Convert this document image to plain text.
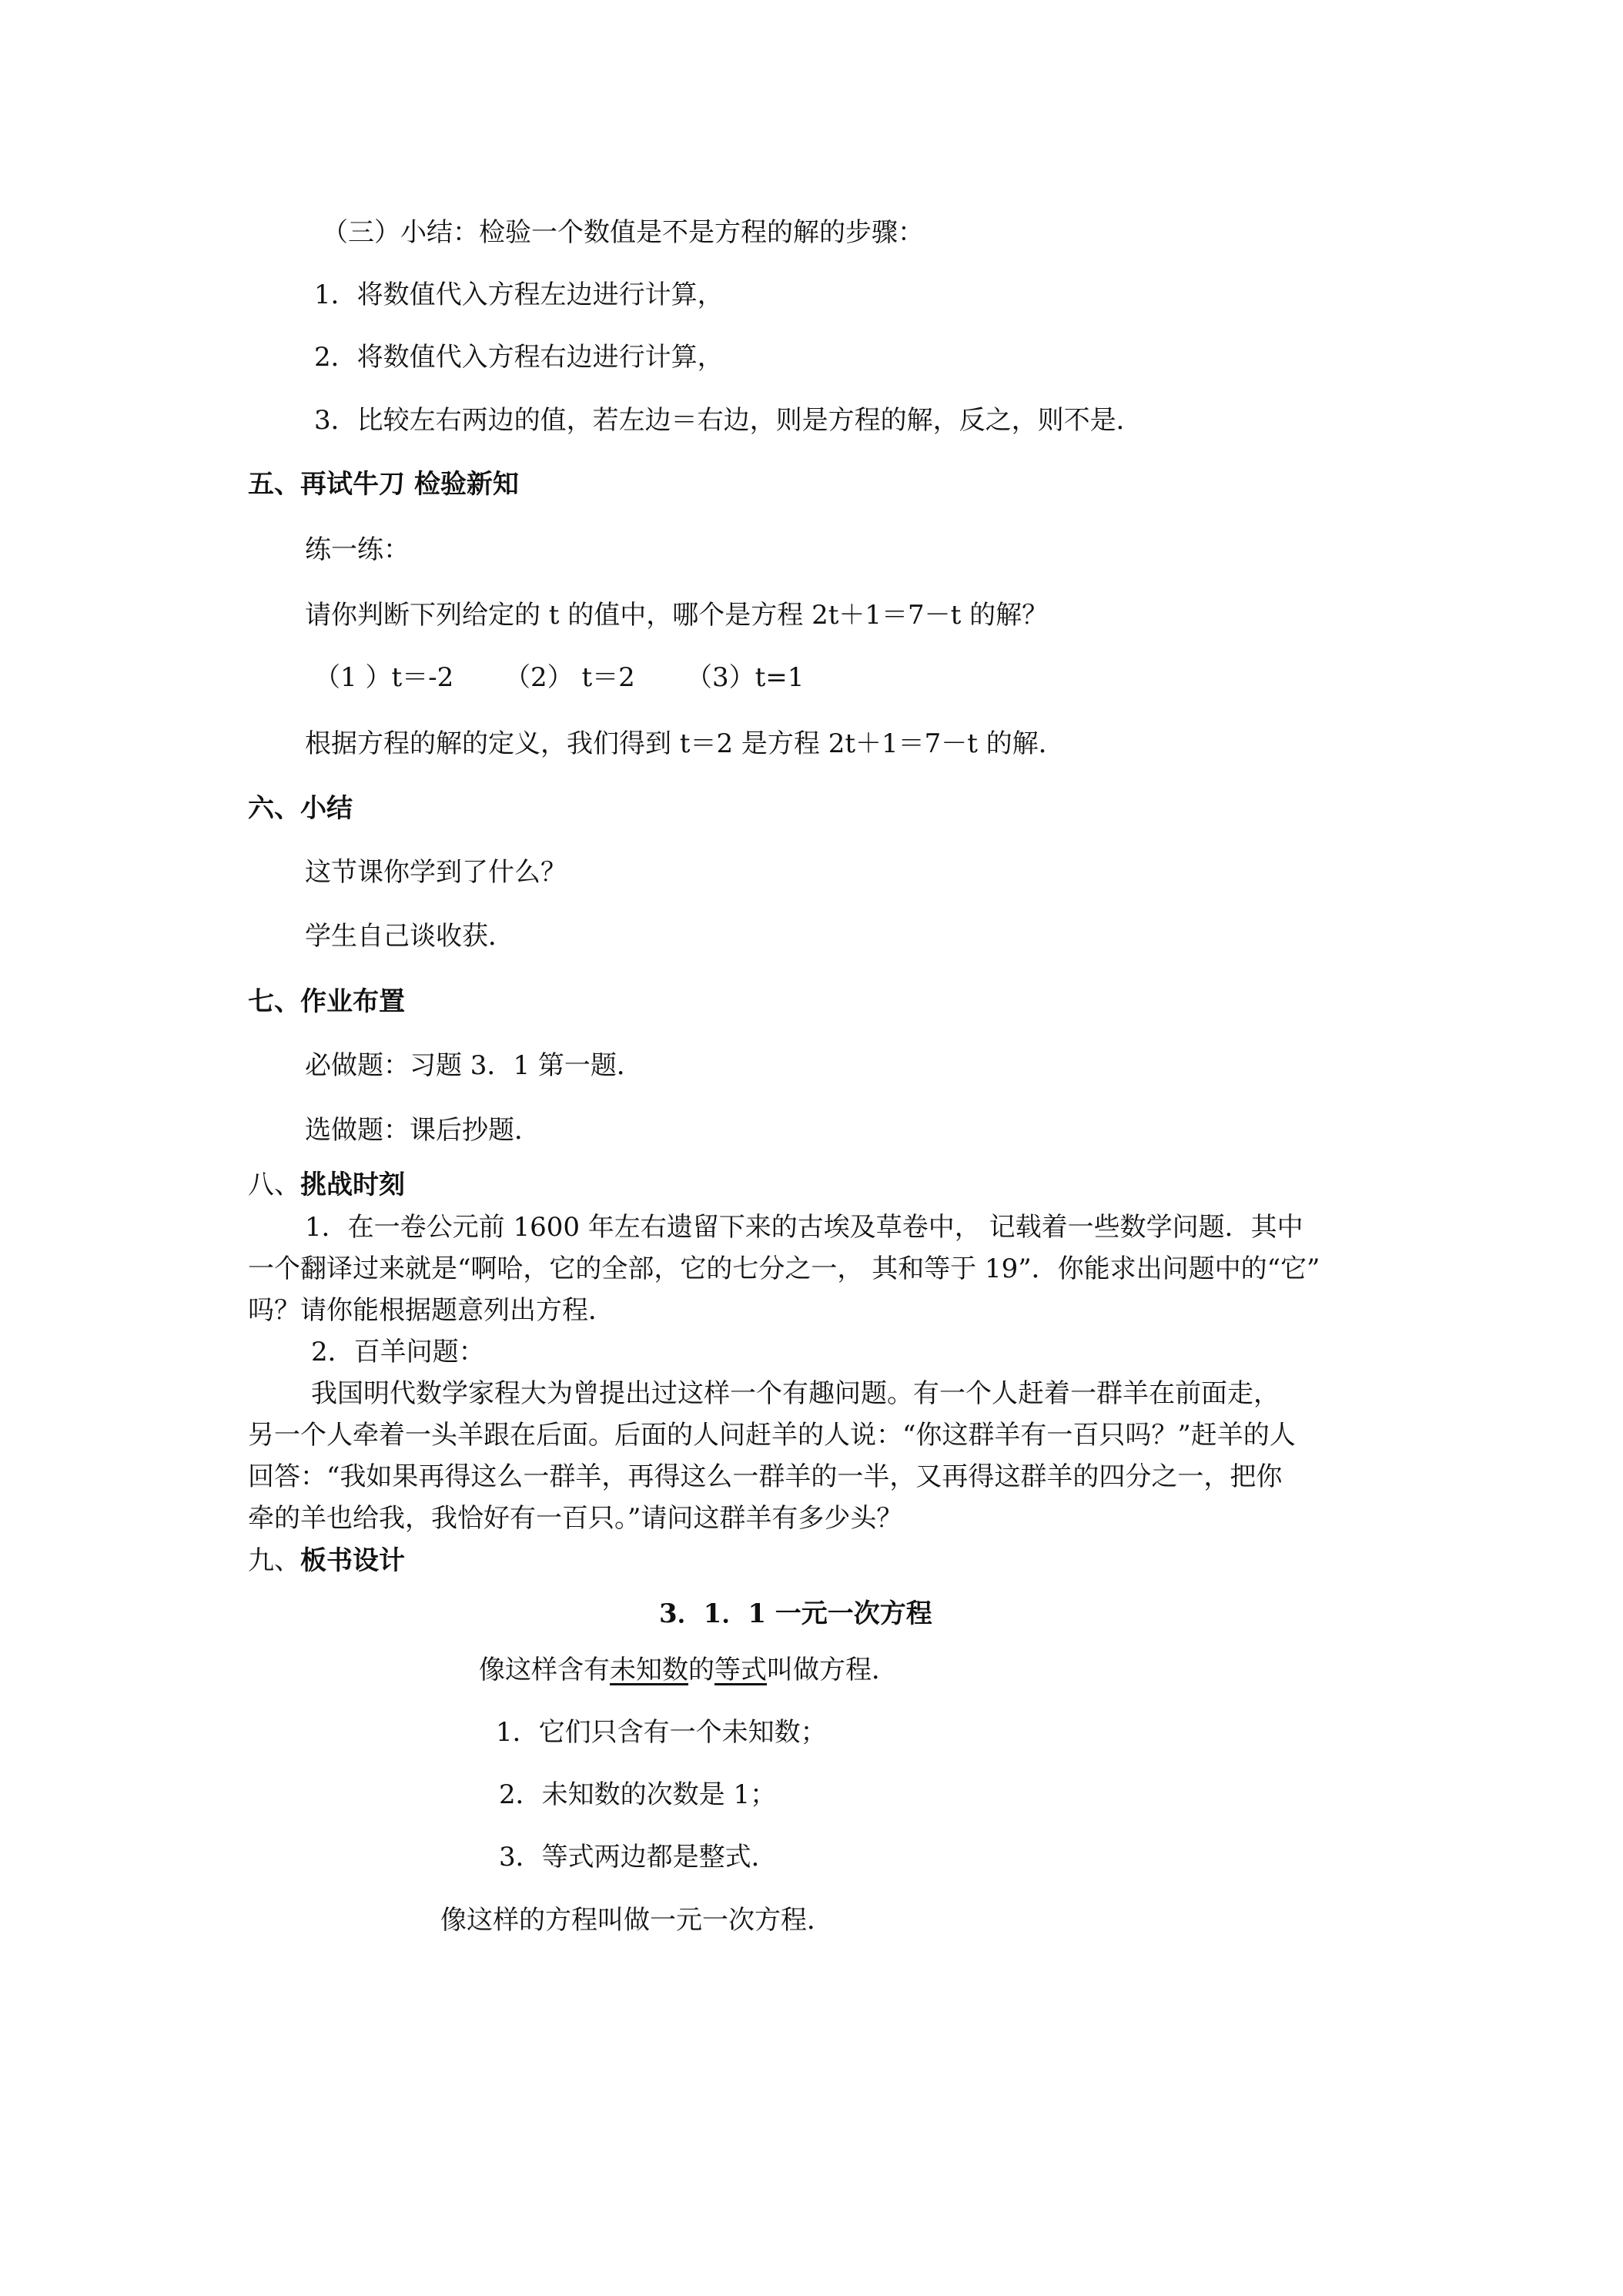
（三）小结：检验一个数值是不是方程的解的步骤：
1．将数值代入方程左边进行计算，
2．将数值代入方程右边进行计算，
3．比较左右两边的值，若左边＝右边，则是方程的解，反之，则不是．
五、再试牛刀 检验新知
练一练：
请你判断下列给定的 t 的值中，哪个是方程 2t＋1＝7－t 的解？
（1 ）t＝-2 （2） t＝2 （3）t=1
根据方程的解的定义，我们得到 t＝2 是方程 2t＋1＝7－t 的解．
六、小结
这节课你学到了什么？
学生自己谈收获．
七、作业布置
必做题：习题 3．1 第一题．
选做题：课后抄题．
八、挑战时刻
1．在一卷公元前 1600 年左右遗留下来的古埃及草卷中， 记载着一些数学问题．其中
一个翻译过来就是“啊哈，它的全部，它的七分之一， 其和等于 19”．你能求出问题中的“它”
吗？请你能根据题意列出方程．
2．百羊问题：
我国明代数学家程大为曾提出过这样一个有趣问题。有一个人赶着一群羊在前面走，
另一个人牵着一头羊跟在后面。后面的人问赶羊的人说：“你这群羊有一百只吗？”赶羊的人
回答：“我如果再得这么一群羊，再得这么一群羊的一半，又再得这群羊的四分之一，把你
牵的羊也给我，我恰好有一百只。”请问这群羊有多少头？
九、板书设计
3．1．1 一元一次方程
像这样含有未知数的等式叫做方程．
1．它们只含有一个未知数；
2．未知数的次数是 1；
3．等式两边都是整式．
像这样的方程叫做一元一次方程．
